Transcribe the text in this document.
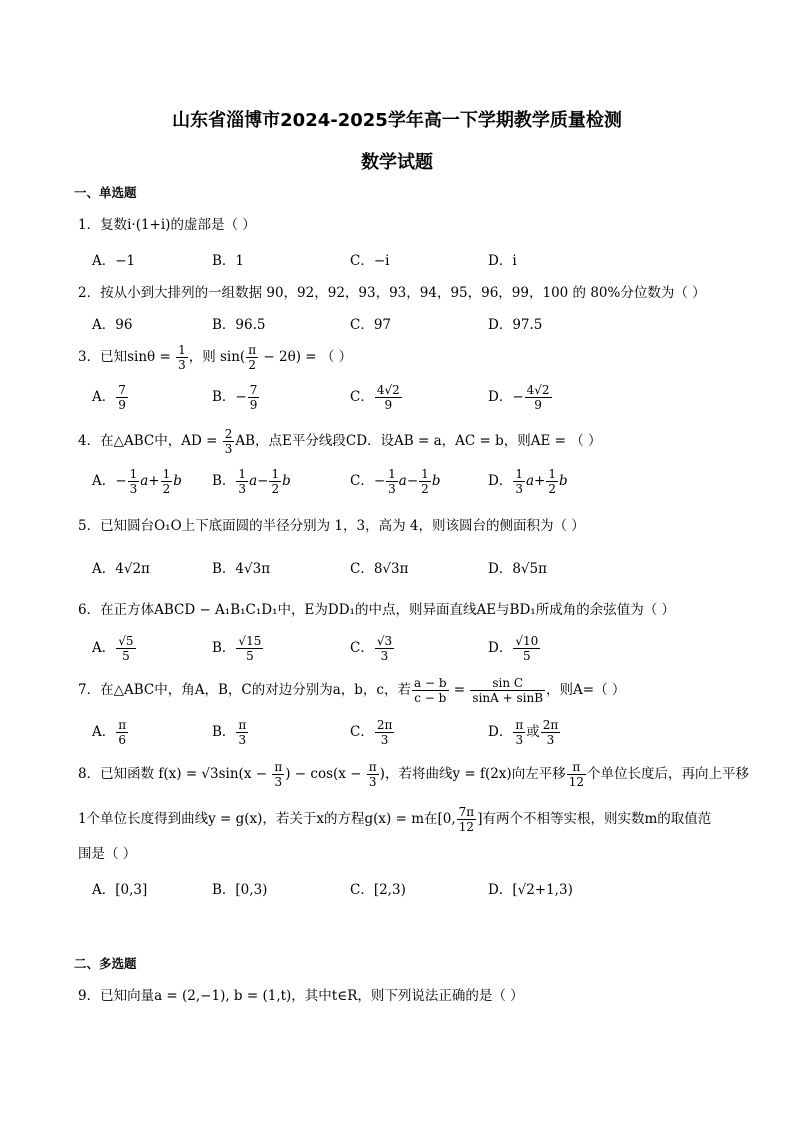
山东省淄博市2024-2025学年高一下学期教学质量检测
数学试题
一、单选题
1．复数i·(1+i)的虚部是（ ）
A．−1	B．1	C．−i	D．i
2．按从小到大排列的一组数据 90，92，92，93，93，94，95，96，99，100 的 80%分位数为（ ）
A．96	B．96.5	C．97	D．97.5
3．已知$\sin\theta = \frac{1}{3}$ ，则 $\sin( \frac{\pi}{2} - 2\theta)$ = （ ）
A． $\frac{7}{9}$	B．− $\frac{7}{9}$	C． $\frac{4√2}{9}$	D．− $\frac{4√2}{9}$
4．在△ABC中，AD = $\frac{2}{3}$ AB，点E平分线段CD．设AB = a，AC = b，则AE = （ ）
A．− $\frac{1}{3} a+ \frac{1}{2}$ b B． $\frac{1}{3} a- \frac{1}{2}$ b	C．− $\frac{1}{3} a- \frac{1}{2}$ b	D． $\frac{1}{3} a+ \frac{1}{2}$ b
5．已知圆台O₁O上下底面圆的半径分别为 1，3，高为 4，则该圆台的侧面积为（ ）
A．4√2π	B．4√3π	C．8√3π	D．8√5π
6．在正方体ABCD − A₁B₁C₁D₁中，E为DD₁的中点，则异面直线AE与BD₁所成角的余弦值为（ ）
A． $\frac{√5}{5}$	B． $\frac{√15}{5}$	C． $\frac{√3}{3}$	D． $\frac{√10}{5}$
7．在△ABC中，角A，B，C的对边分别为a，b，c，若 $\frac{a - b}{c - b} = \frac{\text{sin C}}{\sin A + \sin B}$ ，则A=（ ）
A． $\frac{\pi}{6}$	B． $\frac{\pi}{3}$	C． $\frac{2\pi}{3}$	D． $\frac{\pi}{3}$ 或 $\frac{2\pi}{3}$
8．已知函数 $f(x) = √3\sin(x - \frac{\pi}{3}$ ) − $\cos(x - \frac{\pi}{3}$ )，若将曲线y = f(2x)向左平移 $\frac{\pi}{12}$ 个单位长度后，再向上平移
1个单位长度得到曲线y = g(x)，若关于x的方程g(x) = m在[0, $\frac{7\pi}{12}$ ]有两个不相等实根，则实数m的取值范
围是（ ）
A．[0,3]	B．[0,3)	C．[2,3)	D．[√2+1,3)
二、多选题
9．已知向量a = (2,−1), b = (1,t)，其中t∈R，则下列说法正确的是（ ）
